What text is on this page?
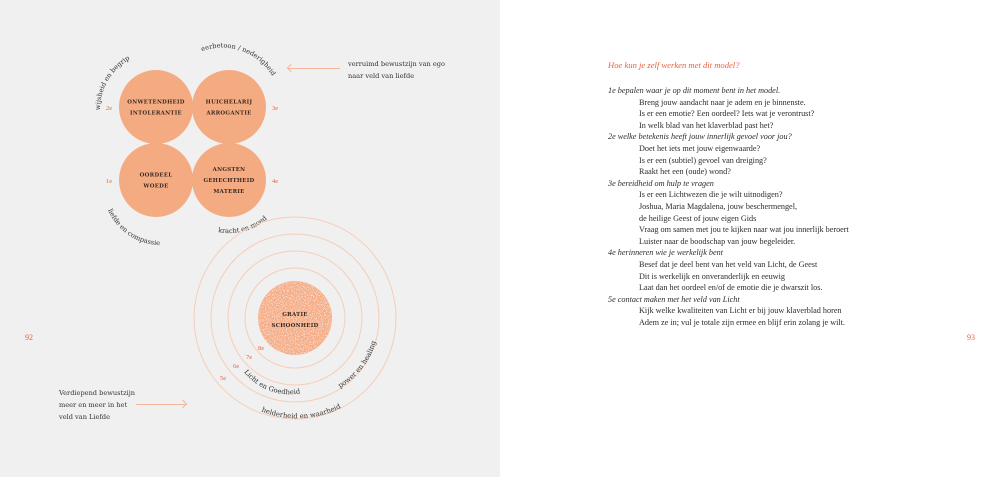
ONWETENDHEID
INTOLERANTIE
HUICHELARIJ
ARROGANTIE
OORDEEL
WOEDE
ANGSTEN
GEHECHTHEID
MATERIE
wijsheid en begrip
eerbetoon / nederigheid
liefde en compassie
kracht en moed
2e	3e
1e	4e
GRATIE
SCHOONHEID
8e
7e
6e
5e
Licht en Goedheid
power en healing
helderheid en waarheid
verruimd bewustzijn van ego
naar veld van liefde
Verdiepend bewustzijn
meer en meer in het
veld van Liefde
92	93
Hoe kun je zelf werken met dit model?
1e bepalen waar je op dit moment bent in het model.
Breng jouw aandacht naar je adem en je binnenste.
Is er een emotie? Een oordeel? Iets wat je verontrust?
In welk blad van het klaverblad past het?
2e welke betekenis heeft jouw innerlijk gevoel voor jou?
Doet het iets met jouw eigenwaarde?
Is er een (subtiel) gevoel van dreiging?
Raakt het een (oude) wond?
3e bereidheid om hulp te vragen
Is er een Lichtwezen die je wilt uitnodigen?
Joshua, Maria Magdalena, jouw beschermengel,
de heilige Geest of jouw eigen Gids
Vraag om samen met jou te kijken naar wat jou innerlijk beroert
Luister naar de boodschap van jouw begeleider.
4e herinneren wie je werkelijk bent
Besef dat je deel bent van het veld van Licht, de Geest
Dit is werkelijk en onveranderlijk en eeuwig
Laat dan het oordeel en/of de emotie die je dwarszit los.
5e contact maken met het veld van Licht
Kijk welke kwaliteiten van Licht er bij jouw klaverblad horen
Adem ze in; vul je totale zijn ermee en blijf erin zolang je wilt.
